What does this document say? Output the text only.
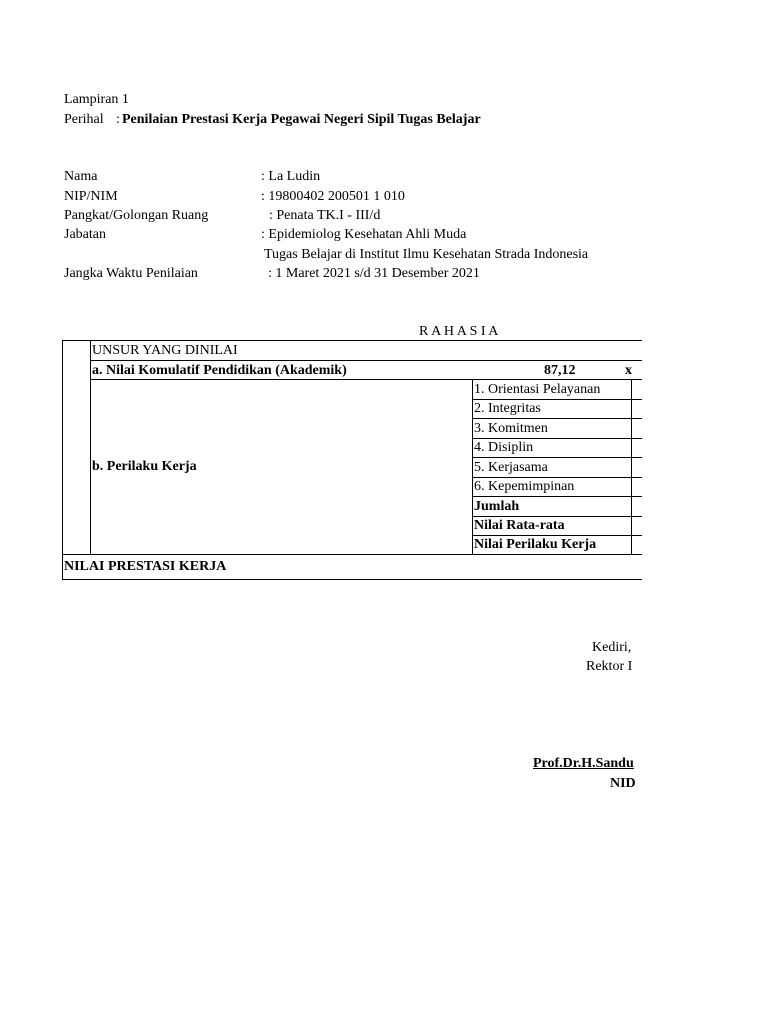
Lampiran 1
Perihal : Penilaian Prestasi Kerja Pegawai Negeri Sipil Tugas Belajar
Nama	: La Ludin
NIP/NIM	: 19800402 200501 1 010
Pangkat/Golongan Ruang	: Penata TK.I - III/d
Jabatan	: Epidemiolog Kesehatan Ahli Muda
Tugas Belajar di Institut Ilmu Kesehatan Strada Indonesia
Jangka Waktu Penilaian	: 1 Maret 2021 s/d 31 Desember 2021
R A H A S I A
UNSUR YANG DINILAI
a. Nilai Komulatif Pendidikan (Akademik)	87,12	x
b. Perilaku Kerja
1. Orientasi Pelayanan
2. Integritas
3. Komitmen
4. Disiplin
5. Kerjasama
6. Kepemimpinan
Jumlah
Nilai Rata-rata
Nilai Perilaku Kerja
NILAI PRESTASI KERJA
Kediri,
Rektor I
Prof.Dr.H.Sandu
NID
